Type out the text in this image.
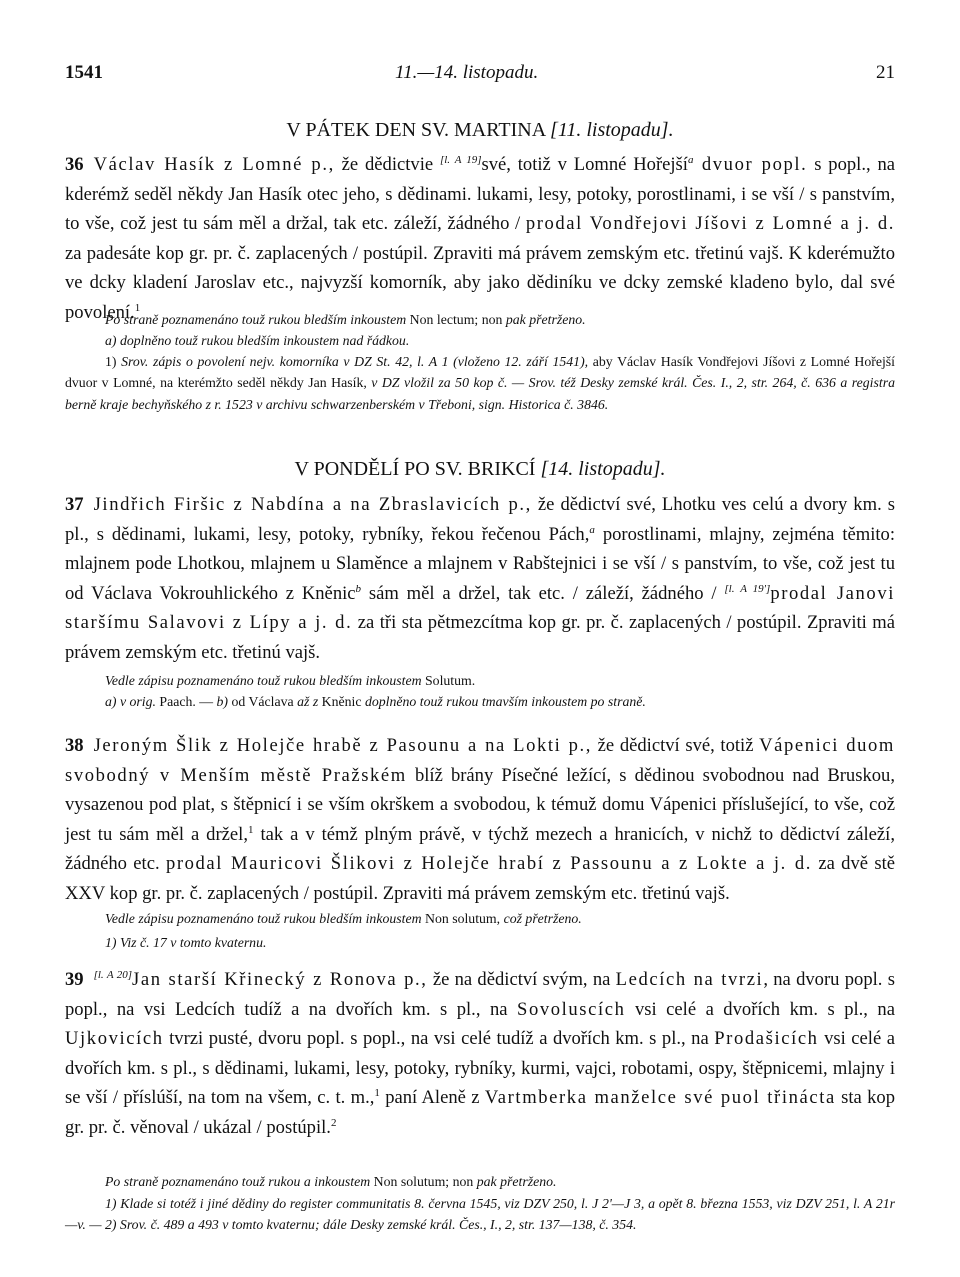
1541	11.—14. listopadu.	21
V PÁTEK DEN SV. MARTINA [11. listopadu].
36 Václav Hasík z Lomné p., že dědictvie [l. A 19]své, totiž v Lomné Hořejší$^a$ dvuor popl. s popl., na kderémž seděl někdy Jan Hasík otec jeho, s dědinami. lukami, lesy, potoky, porostlinami, i se vší / s panstvím, to vše, což jest tu sám měl a držal, tak etc. záleží, žádného / prodal Vondřejovi Jíšovi z Lomné a j. d. za padesáte kop gr. pr. č. zaplacených / postúpil. Zpraviti má právem zemským etc. třetinú vajš. K kderémužto ve dcky kladení Jaroslav etc., najvyzší komorník, aby jako dědiníku ve dcky zemské kladeno bylo, dal své povolení.$^1$
Po straně poznamenáno touž rukou bledším inkoustem Non lectum; non pak přetrženo.
a) doplněno touž rukou bledším inkoustem nad řádkou.
1) Srov. zápis o povolení nejv. komorníka v DZ St. 42, l. A 1 (vloženo 12. září 1541), aby Václav Hasík Vondřejovi Jíšovi z Lomné Hořejší dvuor v Lomné, na kterémžto seděl někdy Jan Hasík, v DZ vložil za 50 kop č. — Srov. též Desky zemské král. Čes. I., 2, str. 264, č. 636 a registra berně kraje bechyňského z r. 1523 v archivu schwarzenberském v Třeboni, sign. Historica č. 3846.
V PONDĚLÍ PO SV. BRIKCÍ [14. listopadu].
37 Jindřich Firšic z Nabdína a na Zbraslavicích p., že dědictví své, Lhotku ves celú a dvory km. s pl., s dědinami, lukami, lesy, potoky, rybníky, řekou řečenou Pách,$^a$ porostlinami, mlajny, zejména těmito: mlajnem pode Lhotkou, mlajnem u Slaměnce a mlajnem v Rabštejnici i se vší / s panstvím, to vše, což jest tu od Václava Vokrouhlického z Kněnic$^b$ sám měl a držel, tak etc. / záleží, žádného / [l. A 19']prodal Janovi staršímu Salavovi z Lípy a j. d. za tři sta pětmezcítma kop gr. pr. č. zaplacených / postúpil. Zpraviti má právem zemským etc. třetinú vajš.
Vedle zápisu poznamenáno touž rukou bledším inkoustem Solutum.
a) v orig. Paach. — b) od Václava až z Kněnic doplněno touž rukou tmavším inkoustem po straně.
38 Jeroným Šlik z Holejče hrabě z Pasounu a na Lokti p., že dědictví své, totiž Vápenici duom svobodný v Menším městě Pražském blíž brány Písečné ležící, s dědinou svobodnou nad Bruskou, vysazenou pod plat, s štěpnicí i se vším okrškem a svobodou, k témuž domu Vápenici příslušející, to vše, což jest tu sám měl a držel,$^1$ tak a v témž plným právě, v týchž mezech a hranicích, v nichž to dědictví záleží, žádného etc. prodal Mauricovi Šlikovi z Holejče hrabí z Passounu a z Lokte a j. d. za dvě stě XXV kop gr. pr. č. zaplacených / postúpil. Zpraviti má právem zemským etc. třetinú vajš.
Vedle zápisu poznamenáno touž rukou bledším inkoustem Non solutum, což přetrženo.
1) Viz č. 17 v tomto kvaternu.
39 [l. A 20]Jan starší Křinecký z Ronova p., že na dědictví svým, na Ledcích na tvrzi, na dvoru popl. s popl., na vsi Ledcích tudíž a na dvořích km. s pl., na Sovoluscích vsi celé a dvořích km. s pl., na Ujkovicích tvrzi pusté, dvoru popl. s popl., na vsi celé tudíž a dvořích km. s pl., na Prodašicích vsi celé a dvořích km. s pl., s dědinami, lukami, lesy, potoky, rybníky, kurmi, vajci, robotami, ospy, štěpnicemi, mlajny i se vší / příslúší, na tom na všem, c. t. m.,$^1$ paní Aleně z Vartmberka manželce své puol třinácta sta kop gr. pr. č. věnoval / ukázal / postúpil.$^2$
Po straně poznamenáno touž rukou a inkoustem Non solutum; non pak přetrženo.
1) Klade si totéž i jiné dědiny do register communitatis 8. června 1545, viz DZV 250, l. J 2'—J 3, a opět 8. března 1553, viz DZV 251, l. A 21r—v. — 2) Srov. č. 489 a 493 v tomto kvaternu; dále Desky zemské král. Čes., I., 2, str. 137—138, č. 354.
